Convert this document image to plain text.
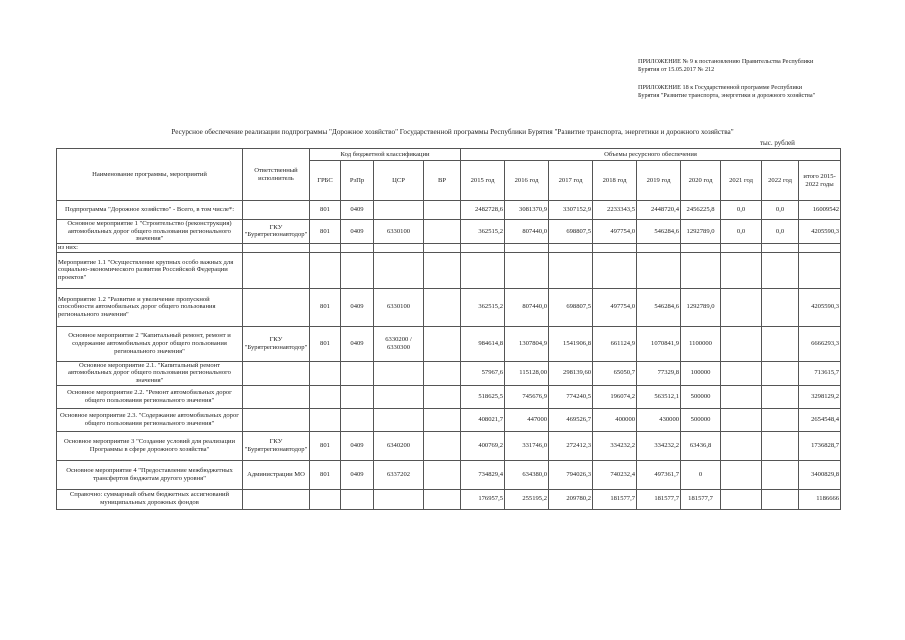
ПРИЛОЖЕНИЕ № 9 к постановлению Правительства Республики
Бурятия от 15.05.2017 № 212
ПРИЛОЖЕНИЕ 18 к Государственной программе Республики
Бурятия "Развитие транспорта, энергетики и дорожного хозяйства"
Ресурсное обеспечение реализации подпрограммы "Дорожное хозяйство" Государственной программы Республики Бурятия "Развитие транспорта, энергетики и дорожного хозяйства"
тыс. рублей
Наименование программы, мероприятий	Ответственный исполнитель	Код бюджетной классификации				Объемы ресурсного обеспечения								
		ГРБС	РзПр	ЦСР	ВР	2015 год	2016 год	2017 год	2018 год	2019 год	2020 год	2021 год	2022 год	итого 2015-2022 годы
Подпрограмма "Дорожное хозяйство" - Всего, в том числе*:		801	0409			2482728,6	3081370,9	3307152,9	2233343,5	2448720,4	2456225,8	0,0	0,0	16009542
Основное мероприятие 1 "Строительство (реконструкция) автомобильных дорог общего пользования регионального значения"	ГКУ "Бурятрегионавтодор"	801	0409	6330100		362515,2	807440,0	698807,5	497754,0	546284,6	1292789,0	0,0	0,0	4205590,3
из них:														
Мероприятие 1.1 "Осуществление крупных особо важных для социально-экономического развития Российской Федерации проектов"														
Мероприятие 1.2 "Развитие и увеличение пропускной способности автомобильных дорог общего пользования регионального значения"		801	0409	6330100		362515,2	807440,0	698807,5	497754,0	546284,6	1292789,0			4205590,3
Основное мероприятие 2 "Капитальный ремонт, ремонт и содержание автомобильных дорог общего пользования регионального значения"	ГКУ "Бурятрегионавтодор"	801	0409	6330200 / 6330300		984614,8	1307804,9	1541906,8	661124,9	1070841,9	1100000			6666293,3
Основное мероприятие 2.1. "Капитальный ремонт автомобильных дорог общего пользования регионального значения"						57967,6	115128,00	298139,60	65050,7	77329,8	100000			713615,7
Основное мероприятие 2.2. "Ремонт автомобильных дорог общего пользования регионального значения"						518625,5	745676,9	774240,5	196074,2	563512,1	500000			3298129,2
Основное мероприятие 2.3. "Содержание автомобильных дорог общего пользования регионального значения"						408021,7	447000	469526,7	400000	430000	500000			2654548,4
Основное мероприятие 3 "Создание условий для реализации Программы в сфере дорожного хозяйства"	ГКУ "Бурятрегионавтодор"	801	0409	6340200		400769,2	331746,0	272412,3	334232,2	334232,2	63436,8			1736828,7
Основное мероприятие 4 "Предоставление межбюджетных трансфертов бюджетам другого уровня"	Администрации МО	801	0409	6337202		734829,4	634380,0	794026,3	740232,4	497361,7	0			3400829,8
Справочно: суммарный объем бюджетных ассигнований муниципальных дорожных фондов						176957,5	255195,2	209780,2	181577,7	181577,7	181577,7			1186666
